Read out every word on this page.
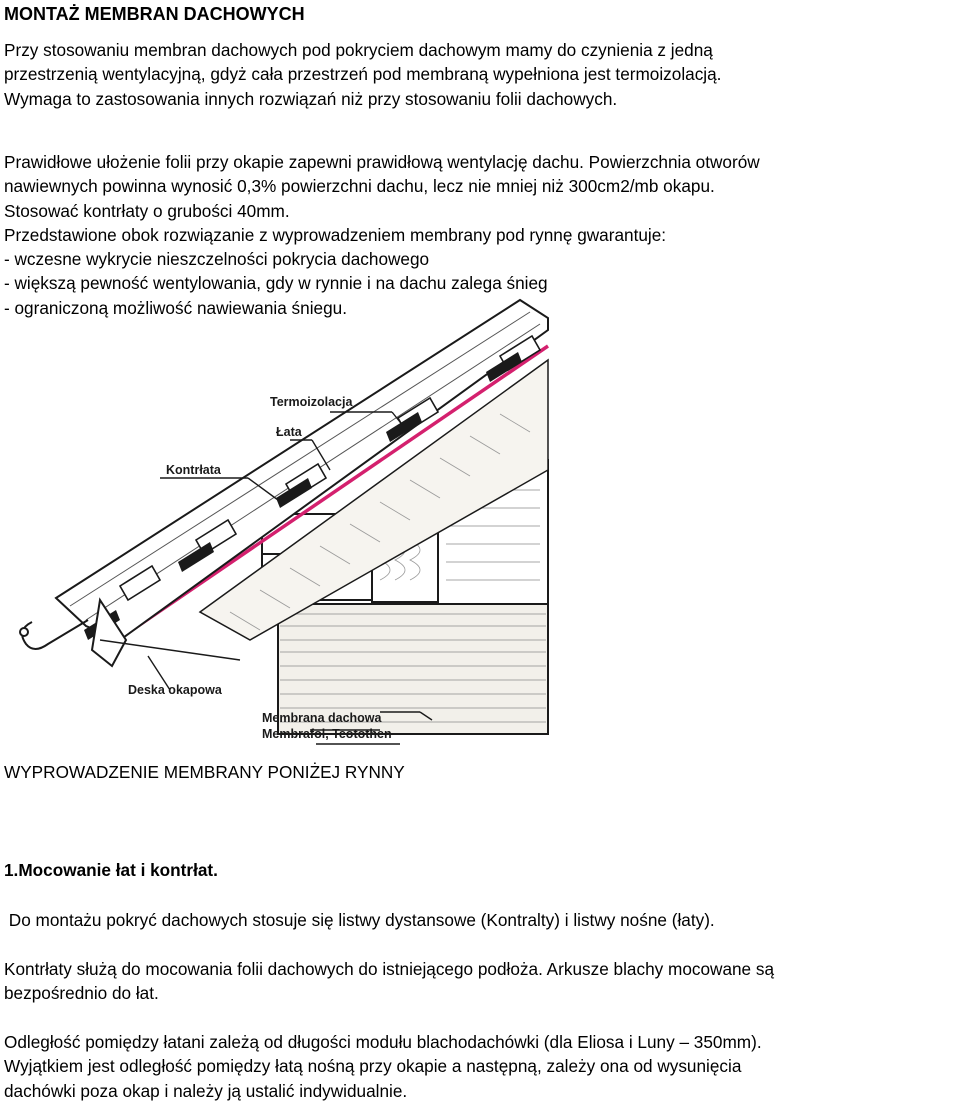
MONTAŻ MEMBRAN DACHOWYCH
Przy stosowaniu membran dachowych pod pokryciem dachowym mamy do czynienia z jedną
przestrzenią wentylacyjną, gdyż cała przestrzeń pod membraną wypełniona jest termoizolacją.
Wymaga to zastosowania innych rozwiązań niż przy stosowaniu folii dachowych.
Prawidłowe ułożenie folii przy okapie zapewni prawidłową wentylację dachu. Powierzchnia otworów
nawiewnych powinna wynosić 0,3% powierzchni dachu, lecz nie mniej niż 300cm2/mb okapu.
Stosować kontrłaty o grubości 40mm.
Przedstawione obok rozwiązanie z wyprowadzeniem membrany pod rynnę gwarantuje:
- wczesne wykrycie nieszczelności pokrycia dachowego
- większą pewność wentylowania, gdy w rynnie i na dachu zalega śnieg
- ograniczoną możliwość nawiewania śniegu.
Membrana dachowa
Membrafol, Teotothen
Termoizolacja
Łata
Kontrłata
Deska okapowa
WYPROWADZENIE MEMBRANY PONIŻEJ RYNNY
1.Mocowanie łat i kontrłat.
Do montażu pokryć dachowych stosuje się listwy dystansowe (Kontralty) i listwy nośne (łaty).
Kontrłaty służą do mocowania folii dachowych do istniejącego podłoża. Arkusze blachy mocowane są
bezpośrednio do łat.
Odległość pomiędzy łatani zależą od długości modułu blachodachówki (dla Eliosa i Luny – 350mm).
Wyjątkiem jest odległość pomiędzy łatą nośną przy okapie a następną, zależy ona od wysunięcia
dachówki poza okap i należy ją ustalić indywidualnie.
